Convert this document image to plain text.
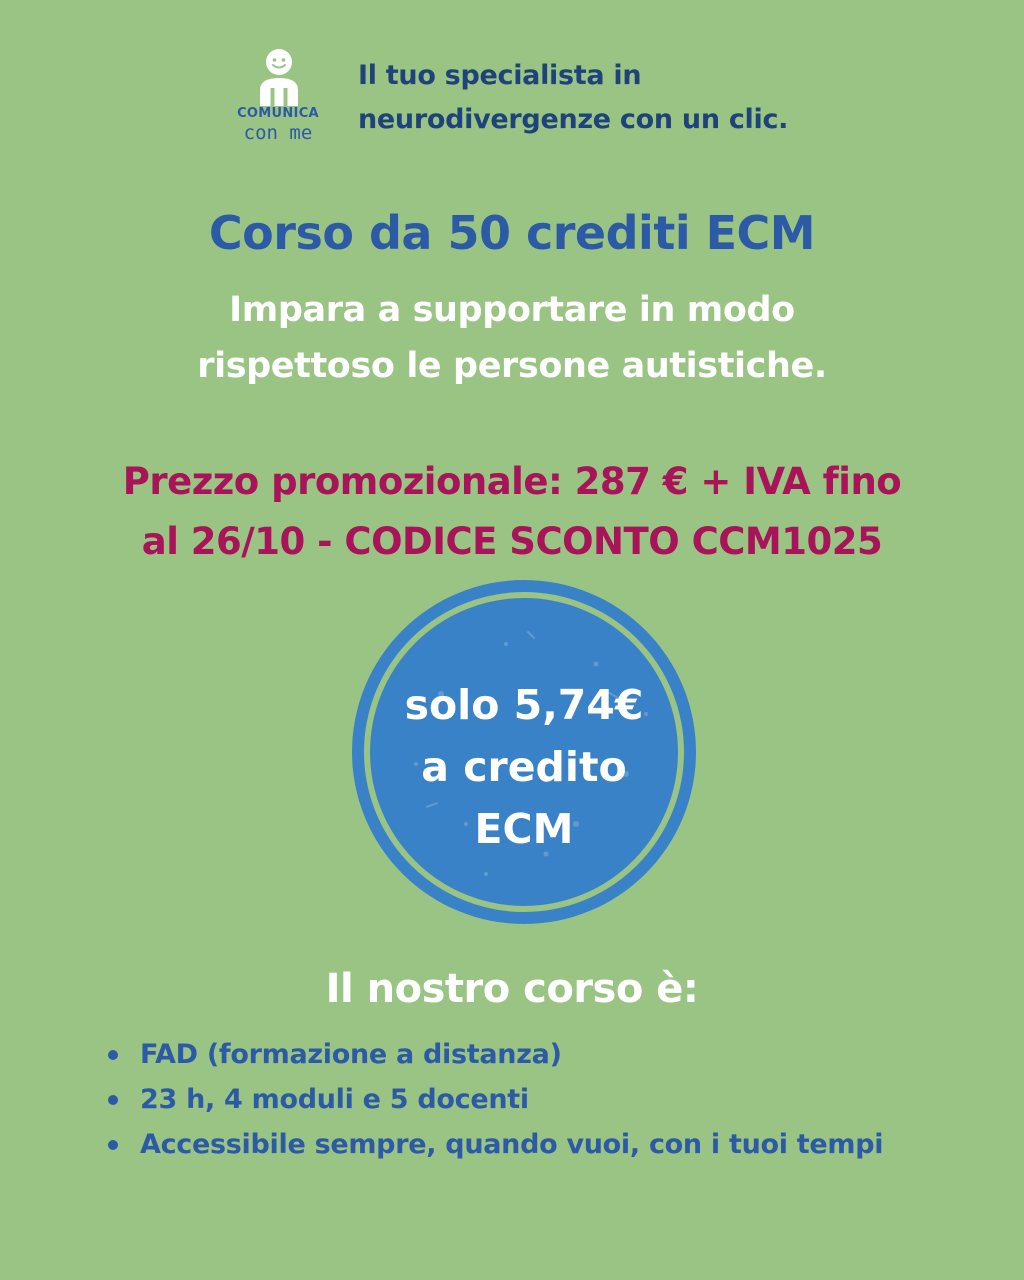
COMUNICA
con me
Il tuo specialista in
neurodivergenze con un clic.
Corso da 50 crediti ECM
Impara a supportare in modo
rispettoso le persone autistiche.
Prezzo promozionale: 287 € + IVA fino
al 26/10 - CODICE SCONTO CCM1025
solo 5,74€
a credito
ECM
Il nostro corso è:
FAD (formazione a distanza)
23 h, 4 moduli e 5 docenti
Accessibile sempre, quando vuoi, con i tuoi tempi
